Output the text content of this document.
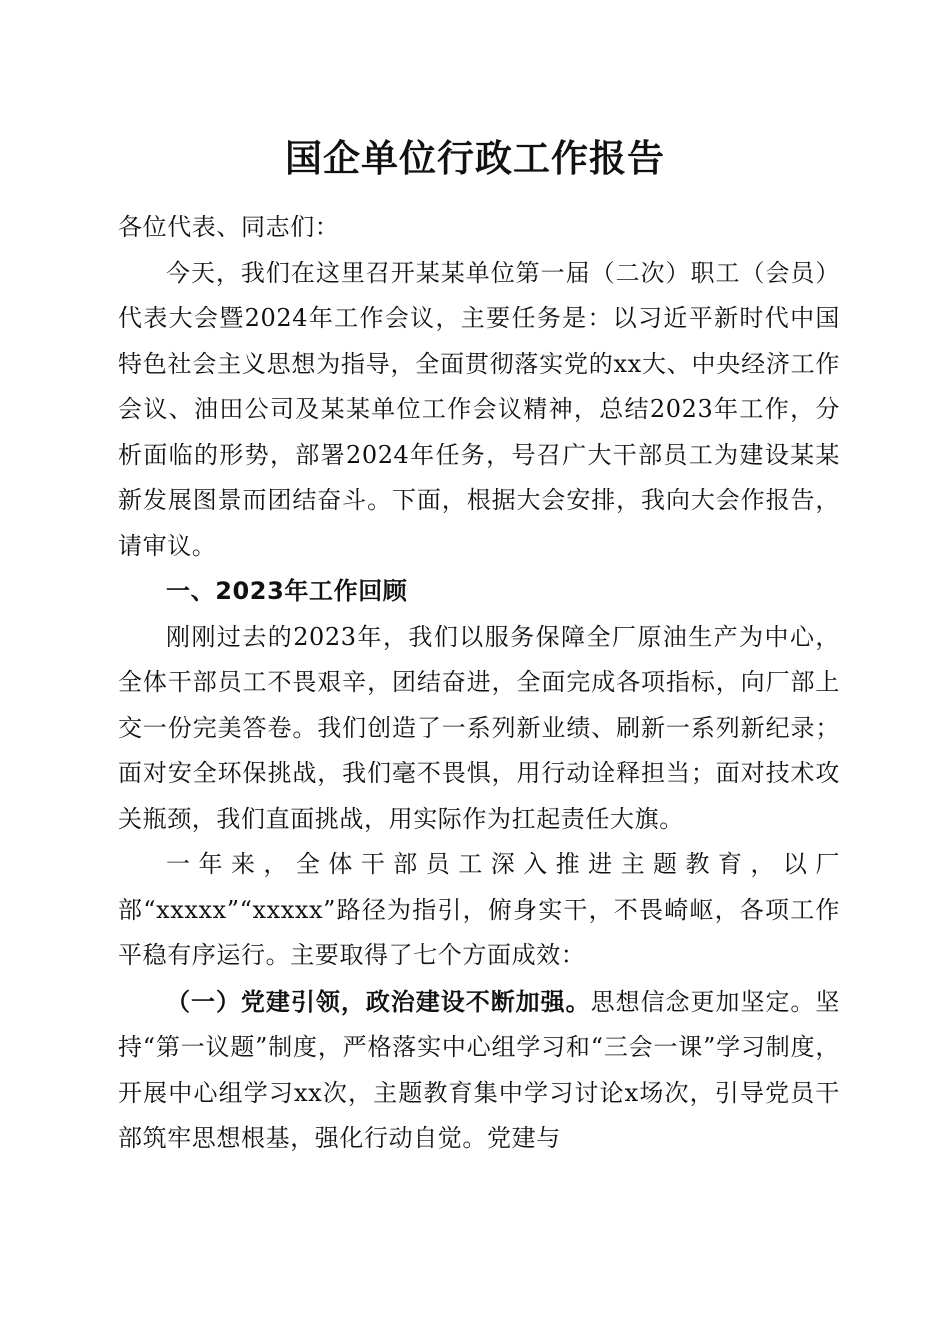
国企单位行政工作报告

各位代表、同志们：

今天，我们在这里召开某某单位第一届（二次）职工（会员）代表大会暨2024年工作会议，主要任务是：以习近平新时代中国特色社会主义思想为指导，全面贯彻落实党的xx大、中央经济工作会议、油田公司及某某单位工作会议精神，总结2023年工作，分析面临的形势，部署2024年任务，号召广大干部员工为建设某某新发展图景而团结奋斗。下面，根据大会安排，我向大会作报告，请审议。

一、2023年工作回顾

刚刚过去的2023年，我们以服务保障全厂原油生产为中心，全体干部员工不畏艰辛，团结奋进，全面完成各项指标，向厂部上交一份完美答卷。我们创造了一系列新业绩、刷新一系列新纪录；面对安全环保挑战，我们毫不畏惧，用行动诠释担当；面对技术攻关瓶颈，我们直面挑战，用实际作为扛起责任大旗。

一年来，全体干部员工深入推进主题教育，以厂部“xxxxx”“xxxxx”路径为指引，俯身实干，不畏崎岖，各项工作平稳有序运行。主要取得了七个方面成效：

（一）党建引领，政治建设不断加强。思想信念更加坚定。坚持“第一议题”制度，严格落实中心组学习和“三会一课”学习制度，开展中心组学习xx次，主题教育集中学习讨论x场次，引导党员干部筑牢思想根基，强化行动自觉。党建与
